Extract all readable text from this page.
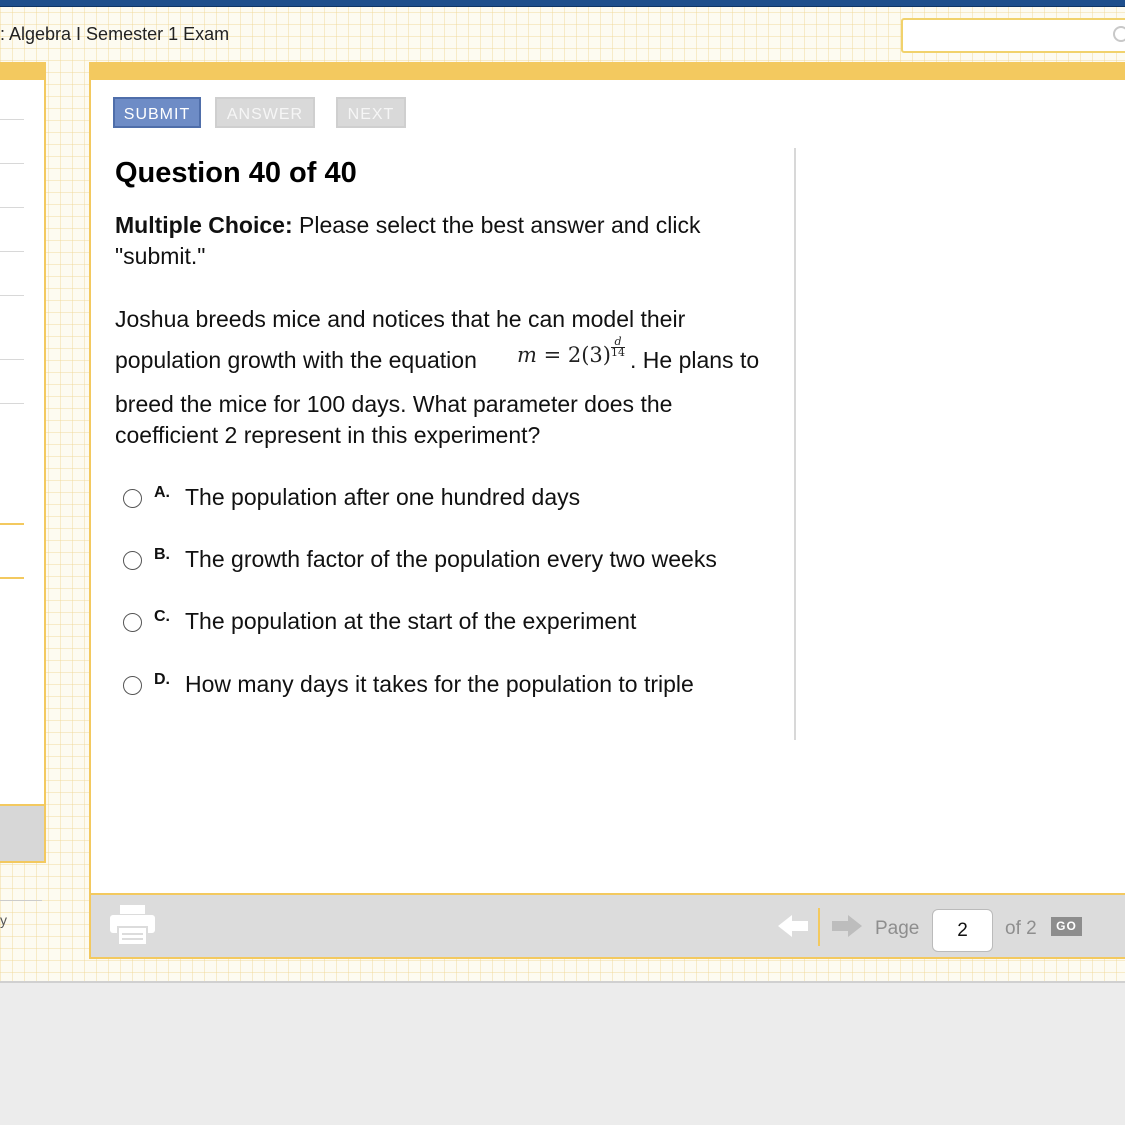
: Algebra I Semester 1 Exam
y
SUBMIT	ANSWER	NEXT
Question 40 of 40
Multiple Choice: Please select the best answer and click "submit."
Joshua breeds mice and notices that he can model their
population growth with the equation $m = 2(3) \frac{d}{14}$ . He plans to
breed the mice for 100 days. What parameter does the
coefficient 2 represent in this experiment?
A. The population after one hundred days
B. The growth factor of the population every two weeks
C. The population at the start of the experiment
D. How many days it takes for the population to triple
Page
2	of 2	GO
